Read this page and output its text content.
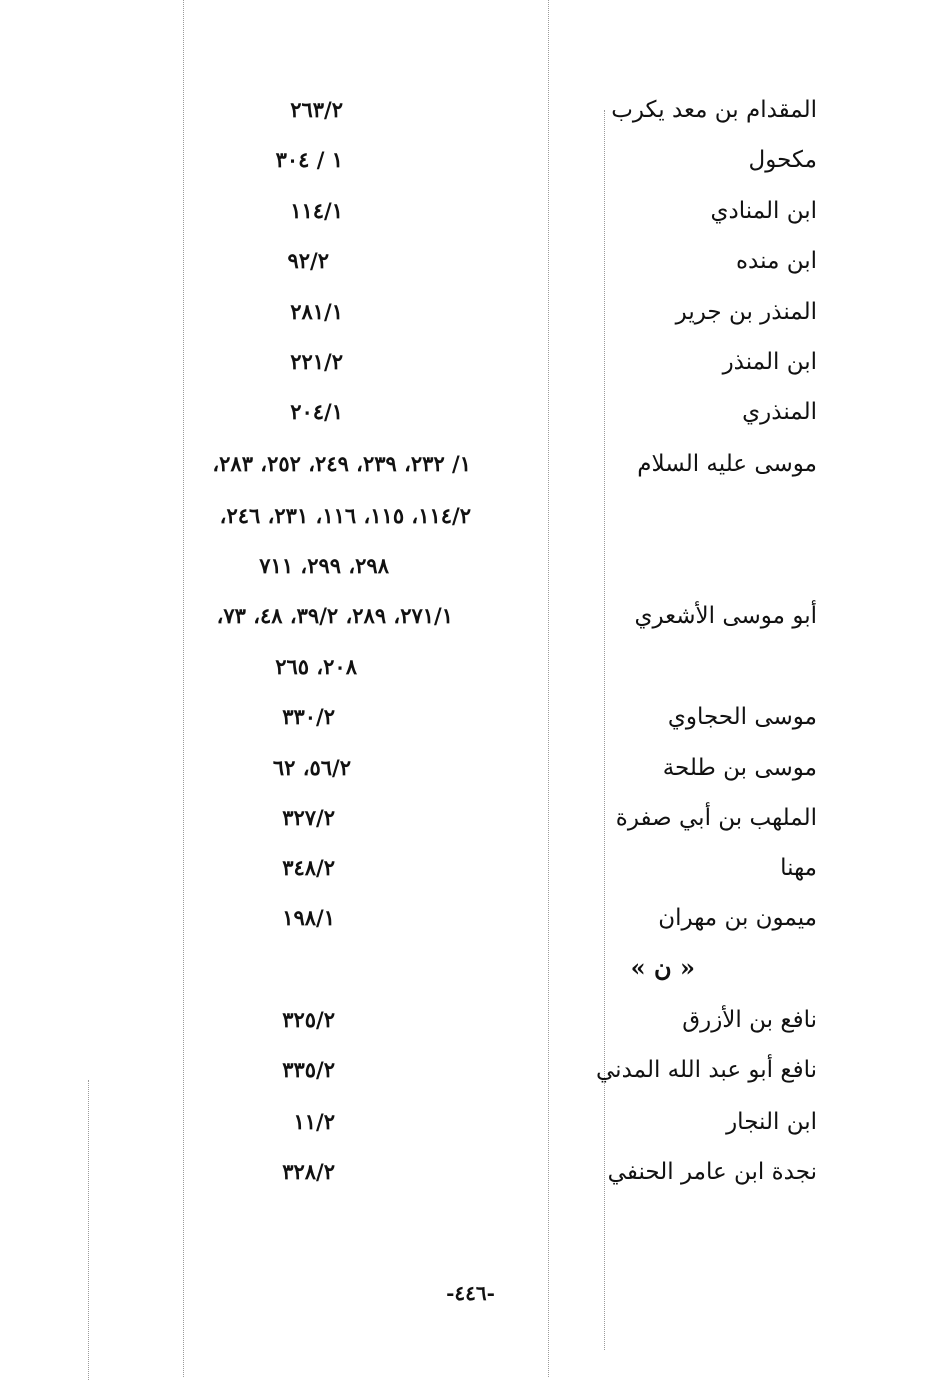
المقدام بن معد يكرب
٢٦٣/٢
مكحول
١ / ٣٠٤
ابن المنادي
١١٤/١
ابن منده
٩٢/٢
المنذر بن جرير
٢٨١/١
ابن المنذر
٢٢١/٢
المنذري
٢٠٤/١
موسى عليه السلام
١/ ٢٣٢، ٢٣٩، ٢٤٩، ٢٥٢، ٢٨٣،
١١٤/٢، ١١٥، ١١٦، ٢٣١، ٢٤٦،
٢٩٨، ٢٩٩، ٧١١
أبو موسى الأشعري
٢٧١/١، ٢٨٩، ٣٩/٢، ٤٨، ٧٣،
٢٠٨، ٢٦٥
موسى الحجاوي
٣٣٠/٢
موسى بن طلحة
٥٦/٢، ٦٢
الملهب بن أبي صفرة
٣٢٧/٢
مهنا
٣٤٨/٢
ميمون بن مهران
١٩٨/١
« ن »
نافع بن الأزرق
٣٢٥/٢
نافع أبو عبد الله المدني
٣٣٥/٢
ابن النجار
١١/٢
نجدة ابن عامر الحنفي
٣٢٨/٢
-٤٤٦-
